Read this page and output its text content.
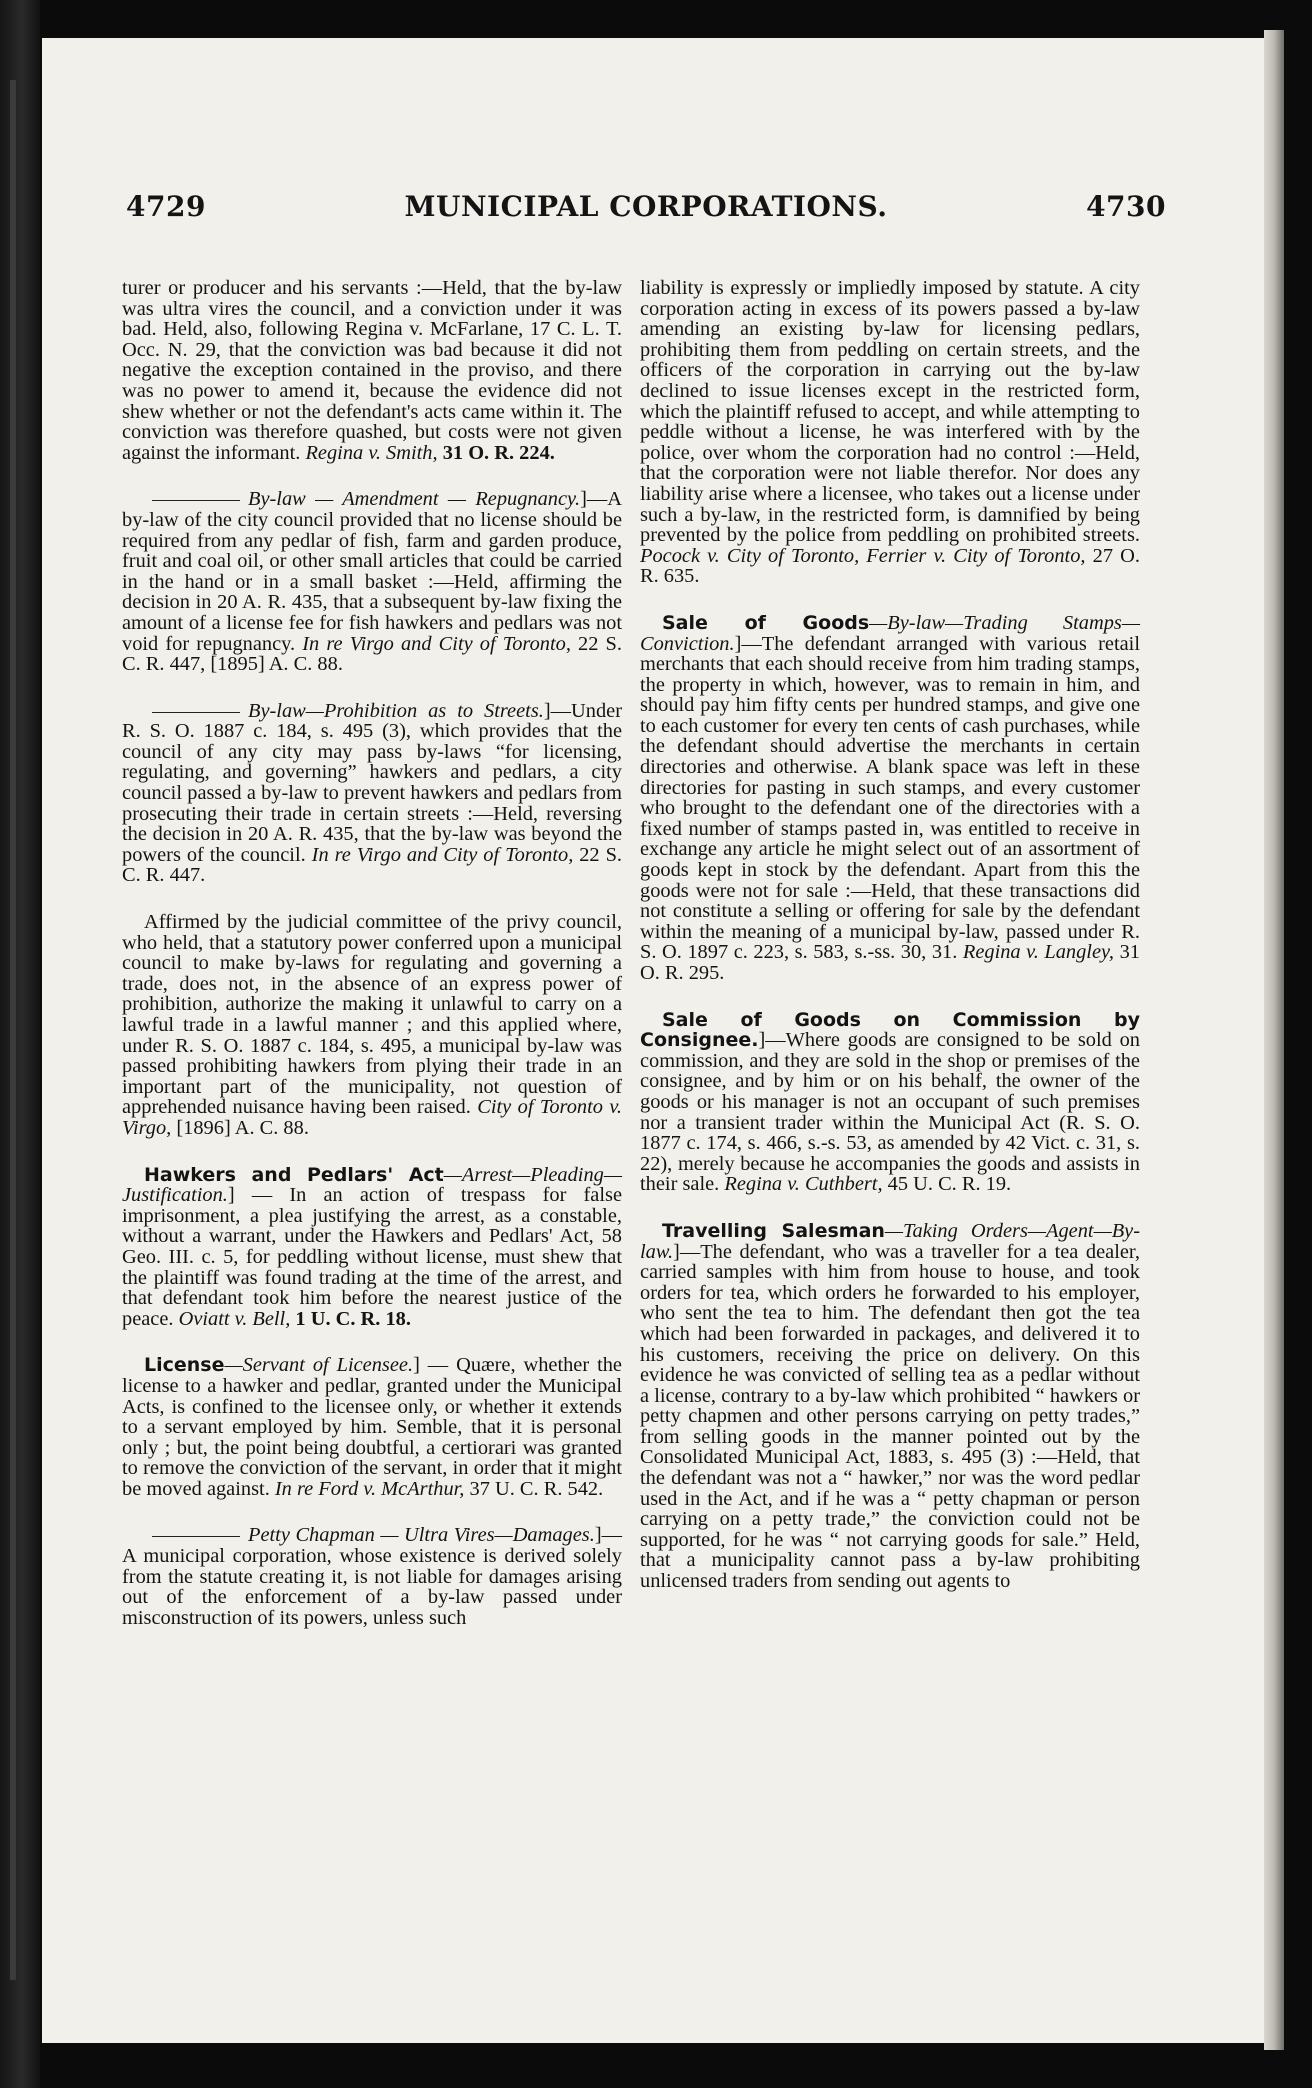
4729	MUNICIPAL CORPORATIONS.	4730

turer or producer and his servants :—Held, that the by-law was ultra vires the council, and a conviction under it was bad. Held, also, following Regina v. McFarlane, 17 C. L. T. Occ. N. 29, that the conviction was bad because it did not negative the exception contained in the proviso, and there was no power to amend it, because the evidence did not shew whether or not the defendant's acts came within it. The conviction was therefore quashed, but costs were not given against the informant. Regina v. Smith, 31 O. R. 224.

By-law — Amendment — Repugnancy.]—A by-law of the city council provided that no license should be required from any pedlar of fish, farm and garden produce, fruit and coal oil, or other small articles that could be carried in the hand or in a small basket :—Held, affirming the decision in 20 A. R. 435, that a subsequent by-law fixing the amount of a license fee for fish hawkers and pedlars was not void for repugnancy. In re Virgo and City of Toronto, 22 S. C. R. 447, [1895] A. C. 88.

By-law—Prohibition as to Streets.]—Under R. S. O. 1887 c. 184, s. 495 (3), which provides that the council of any city may pass by-laws “for licensing, regulating, and governing” hawkers and pedlars, a city council passed a by-law to prevent hawkers and pedlars from prosecuting their trade in certain streets :—Held, reversing the decision in 20 A. R. 435, that the by-law was beyond the powers of the council. In re Virgo and City of Toronto, 22 S. C. R. 447.

Affirmed by the judicial committee of the privy council, who held, that a statutory power conferred upon a municipal council to make by-laws for regulating and governing a trade, does not, in the absence of an express power of prohibition, authorize the making it unlawful to carry on a lawful trade in a lawful manner ; and this applied where, under R. S. O. 1887 c. 184, s. 495, a municipal by-law was passed prohibiting hawkers from plying their trade in an important part of the municipality, not question of apprehended nuisance having been raised. City of Toronto v. Virgo, [1896] A. C. 88.

Hawkers and Pedlars' Act—Arrest—Pleading—Justification.] — In an action of trespass for false imprisonment, a plea justifying the arrest, as a constable, without a warrant, under the Hawkers and Pedlars' Act, 58 Geo. III. c. 5, for peddling without license, must shew that the plaintiff was found trading at the time of the arrest, and that defendant took him before the nearest justice of the peace. Oviatt v. Bell, 1 U. C. R. 18.

License—Servant of Licensee.] — Quære, whether the license to a hawker and pedlar, granted under the Municipal Acts, is confined to the licensee only, or whether it extends to a servant employed by him. Semble, that it is personal only ; but, the point being doubtful, a certiorari was granted to remove the conviction of the servant, in order that it might be moved against. In re Ford v. McArthur, 37 U. C. R. 542.

Petty Chapman — Ultra Vires—Damages.]—A municipal corporation, whose existence is derived solely from the statute creating it, is not liable for damages arising out of the enforcement of a by-law passed under misconstruction of its powers, unless such

liability is expressly or impliedly imposed by statute. A city corporation acting in excess of its powers passed a by-law amending an existing by-law for licensing pedlars, prohibiting them from peddling on certain streets, and the officers of the corporation in carrying out the by-law declined to issue licenses except in the restricted form, which the plaintiff refused to accept, and while attempting to peddle without a license, he was interfered with by the police, over whom the corporation had no control :—Held, that the corporation were not liable therefor. Nor does any liability arise where a licensee, who takes out a license under such a by-law, in the restricted form, is damnified by being prevented by the police from peddling on prohibited streets. Pocock v. City of Toronto, Ferrier v. City of Toronto, 27 O. R. 635.

Sale of Goods—By-law—Trading Stamps—Conviction.]—The defendant arranged with various retail merchants that each should receive from him trading stamps, the property in which, however, was to remain in him, and should pay him fifty cents per hundred stamps, and give one to each customer for every ten cents of cash purchases, while the defendant should advertise the merchants in certain directories and otherwise. A blank space was left in these directories for pasting in such stamps, and every customer who brought to the defendant one of the directories with a fixed number of stamps pasted in, was entitled to receive in exchange any article he might select out of an assortment of goods kept in stock by the defendant. Apart from this the goods were not for sale :—Held, that these transactions did not constitute a selling or offering for sale by the defendant within the meaning of a municipal by-law, passed under R. S. O. 1897 c. 223, s. 583, s.-ss. 30, 31. Regina v. Langley, 31 O. R. 295.

Sale of Goods on Commission by Consignee.]—Where goods are consigned to be sold on commission, and they are sold in the shop or premises of the consignee, and by him or on his behalf, the owner of the goods or his manager is not an occupant of such premises nor a transient trader within the Municipal Act (R. S. O. 1877 c. 174, s. 466, s.-s. 53, as amended by 42 Vict. c. 31, s. 22), merely because he accompanies the goods and assists in their sale. Regina v. Cuthbert, 45 U. C. R. 19.

Travelling Salesman—Taking Orders—Agent—By-law.]—The defendant, who was a traveller for a tea dealer, carried samples with him from house to house, and took orders for tea, which orders he forwarded to his employer, who sent the tea to him. The defendant then got the tea which had been forwarded in packages, and delivered it to his customers, receiving the price on delivery. On this evidence he was convicted of selling tea as a pedlar without a license, contrary to a by-law which prohibited “ hawkers or petty chapmen and other persons carrying on petty trades,” from selling goods in the manner pointed out by the Consolidated Municipal Act, 1883, s. 495 (3) :—Held, that the defendant was not a “ hawker,” nor was the word pedlar used in the Act, and if he was a “ petty chapman or person carrying on a petty trade,” the conviction could not be supported, for he was “ not carrying goods for sale.” Held, that a municipality cannot pass a by-law prohibiting unlicensed traders from sending out agents to
